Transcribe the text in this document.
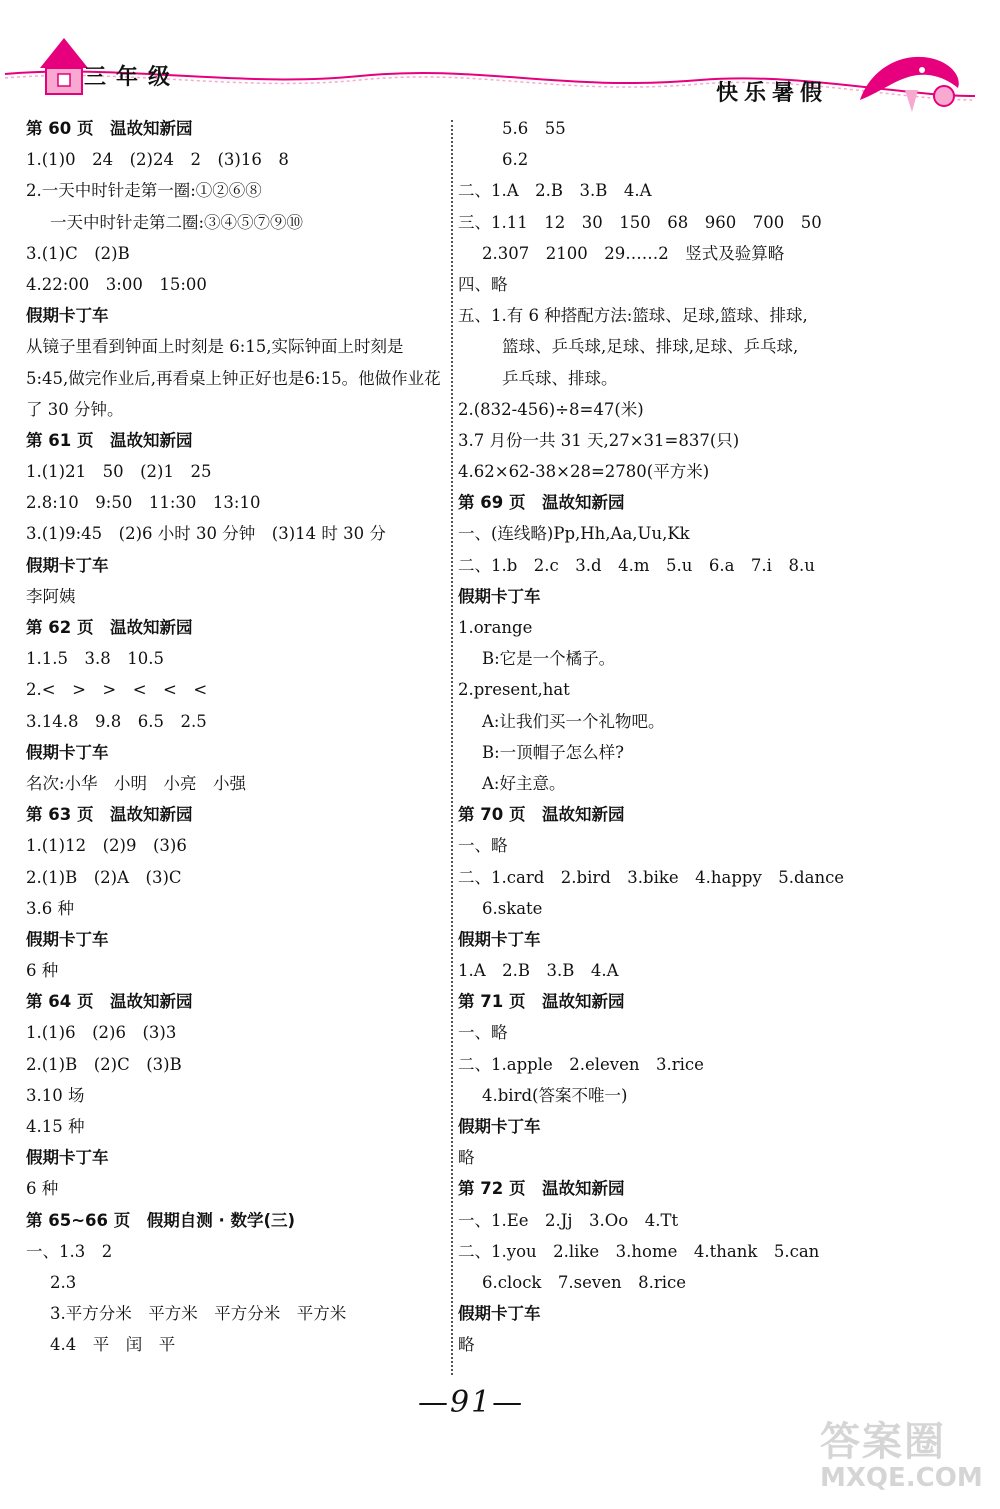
三年级
快乐暑假
第 60 页　温故知新园
1.(1)0　24　(2)24　2　(3)16　8
2.一天中时针走第一圈:①②⑥⑧
一天中时针走第二圈:③④⑤⑦⑨⑩
3.(1)C　(2)B
4.22:00　3:00　15:00
假期卡丁车
从镜子里看到钟面上时刻是 6:15,实际钟面上时刻是 5:45,做完作业后,再看桌上钟正好也是6:15。他做作业花了 30 分钟。
第 61 页　温故知新园
1.(1)21　50　(2)1　25
2.8:10　9:50　11:30　13:10
3.(1)9:45　(2)6 小时 30 分钟　(3)14 时 30 分
假期卡丁车
李阿姨
第 62 页　温故知新园
1.1.5　3.8　10.5
2.<　>　>　<　<　<
3.14.8　9.8　6.5　2.5
假期卡丁车
名次:小华　小明　小亮　小强
第 63 页　温故知新园
1.(1)12　(2)9　(3)6
2.(1)B　(2)A　(3)C
3.6 种
假期卡丁车
6 种
第 64 页　温故知新园
1.(1)6　(2)6　(3)3
2.(1)B　(2)C　(3)B
3.10 场
4.15 种
假期卡丁车
6 种
第 65~66 页　假期自测 · 数学(三)
一、1.3　2
2.3
3.平方分米　平方米　平方分米　平方米
4.4　平　闰　平
5.6　55
6.2
二、1.A　2.B　3.B　4.A
三、1.11　12　30　150　68　960　700　50
2.307　2100　29……2　竖式及验算略
四、略
五、1.有 6 种搭配方法:篮球、足球,篮球、排球,
篮球、乒乓球,足球、排球,足球、乒乓球,
乒乓球、排球。
2.(832-456)÷8=47(米)
3.7 月份一共 31 天,27×31=837(只)
4.62×62-38×28=2780(平方米)
第 69 页　温故知新园
一、(连线略)Pp,Hh,Aa,Uu,Kk
二、1.b　2.c　3.d　4.m　5.u　6.a　7.i　8.u
假期卡丁车
1.orange
B:它是一个橘子。
2.present,hat
A:让我们买一个礼物吧。
B:一顶帽子怎么样?
A:好主意。
第 70 页　温故知新园
一、略
二、1.card　2.bird　3.bike　4.happy　5.dance
6.skate
假期卡丁车
1.A　2.B　3.B　4.A
第 71 页　温故知新园
一、略
二、1.apple　2.eleven　3.rice
4.bird(答案不唯一)
假期卡丁车
略
第 72 页　温故知新园
一、1.Ee　2.Jj　3.Oo　4.Tt
二、1.you　2.like　3.home　4.thank　5.can
6.clock　7.seven　8.rice
假期卡丁车
略
—91—
答案圈
MXQE.COM
